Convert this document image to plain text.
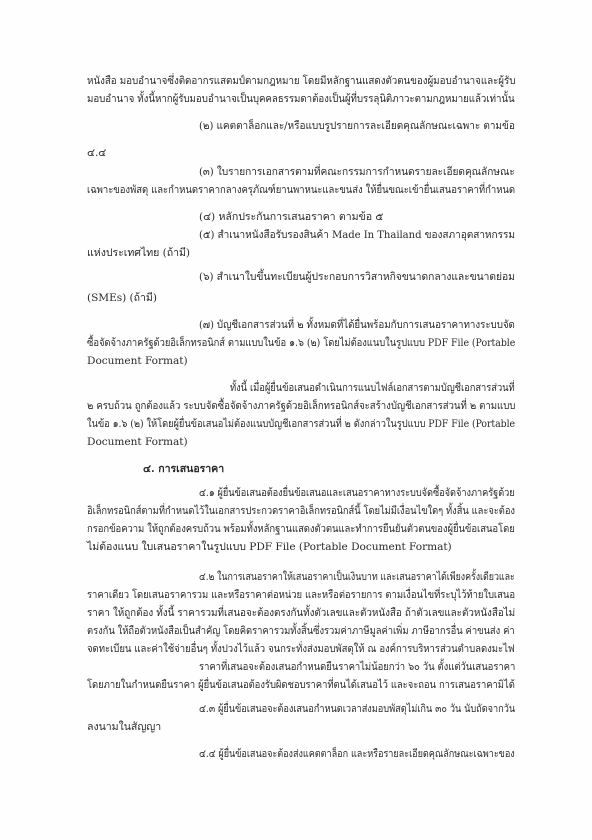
หนังสือ มอบอำนาจซึ่งติดอากรแสตมป์ตามกฎหมาย โดยมีหลักฐานแสดงตัวตนของผู้มอบอำนาจและผู้รับ
มอบอำนาจ ทั้งนี้หากผู้รับมอบอำนาจเป็นบุคคลธรรมดาต้องเป็นผู้ที่บรรลุนิติภาวะตามกฎหมายแล้วเท่านั้น
(๒) แคตตาล็อกและ/หรือแบบรูปรายการละเอียดคุณลักษณะเฉพาะ ตามข้อ
๔.๔
(๓) ใบรายการเอกสารตามที่คณะกรรมการกำหนดรายละเอียดคุณลักษณะ
เฉพาะของพัสดุ และกำหนดราคากลางครุภัณฑ์ยานพาหนะและขนส่ง ให้ยื่นขณะเข้ายื่นเสนอราคาที่กำหนด
(๔) หลักประกันการเสนอราคา ตามข้อ ๕
(๕) สำเนาหนังสือรับรองสินค้า Made In Thailand ของสภาอุตสาหกรรม
แห่งประเทศไทย (ถ้ามี)
(๖) สำเนาใบขึ้นทะเบียนผู้ประกอบการวิสาหกิจขนาดกลางและขนาดย่อม
(SMEs) (ถ้ามี)
(๗) บัญชีเอกสารส่วนที่ ๒ ทั้งหมดที่ได้ยื่นพร้อมกับการเสนอราคาทางระบบจัด
ซื้อจัดจ้างภาครัฐด้วยอิเล็กทรอนิกส์ ตามแบบในข้อ ๑.๖ (๒) โดยไม่ต้องแนบในรูปแบบ PDF File (Portable
Document Format)
ทั้งนี้ เมื่อผู้ยื่นข้อเสนอดำเนินการแนบไฟล์เอกสารตามบัญชีเอกสารส่วนที่
๒ ครบถ้วน ถูกต้องแล้ว ระบบจัดซื้อจัดจ้างภาครัฐด้วยอิเล็กทรอนิกส์จะสร้างบัญชีเอกสารส่วนที่ ๒ ตามแบบ
ในข้อ ๑.๖ (๒) ให้โดยผู้ยื่นข้อเสนอไม่ต้องแนบบัญชีเอกสารส่วนที่ ๒ ดังกล่าวในรูปแบบ PDF File (Portable
Document Format)
๔. การเสนอราคา
๔.๑ ผู้ยื่นข้อเสนอต้องยื่นข้อเสนอและเสนอราคาทางระบบจัดซื้อจัดจ้างภาครัฐด้วย
อิเล็กทรอนิกส์ตามที่กำหนดไว้ในเอกสารประกวดราคาอิเล็กทรอนิกส์นี้ โดยไม่มีเงื่อนไขใดๆ ทั้งสิ้น และจะต้อง
กรอกข้อความ ให้ถูกต้องครบถ้วน พร้อมทั้งหลักฐานแสดงตัวตนและทำการยืนยันตัวตนของผู้ยื่นข้อเสนอโดย
ไม่ต้องแนบ ใบเสนอราคาในรูปแบบ PDF File (Portable Document Format)
๔.๒ ในการเสนอราคาให้เสนอราคาเป็นเงินบาท และเสนอราคาได้เพียงครั้งเดียวและ
ราคาเดียว โดยเสนอราคารวม และหรือราคาต่อหน่วย และหรือต่อรายการ ตามเงื่อนไขที่ระบุไว้ท้ายใบเสนอ
ราคา ให้ถูกต้อง ทั้งนี้ ราคารวมที่เสนอจะต้องตรงกันทั้งตัวเลขและตัวหนังสือ ถ้าตัวเลขและตัวหนังสือไม่
ตรงกัน ให้ถือตัวหนังสือเป็นสำคัญ โดยคิดราคารวมทั้งสิ้นซึ่งรวมค่าภาษีมูลค่าเพิ่ม ภาษีอากรอื่น ค่าขนส่ง ค่า
จดทะเบียน และค่าใช้จ่ายอื่นๆ ทั้งปวงไว้แล้ว จนกระทั่งส่งมอบพัสดุให้ ณ องค์การบริหารส่วนตำบลดงมะไฟ
ราคาที่เสนอจะต้องเสนอกำหนดยืนราคาไม่น้อยกว่า ๖๐ วัน ตั้งแต่วันเสนอราคา
โดยภายในกำหนดยืนราคา ผู้ยื่นข้อเสนอต้องรับผิดชอบราคาที่ตนได้เสนอไว้ และจะถอน การเสนอราคามิได้
๔.๓ ผู้ยื่นข้อเสนอจะต้องเสนอกำหนดเวลาส่งมอบพัสดุไม่เกิน ๓๐ วัน นับถัดจากวัน
ลงนามในสัญญา
๔.๔ ผู้ยื่นข้อเสนอจะต้องส่งแคตตาล็อก และหรือรายละเอียดคุณลักษณะเฉพาะของ
